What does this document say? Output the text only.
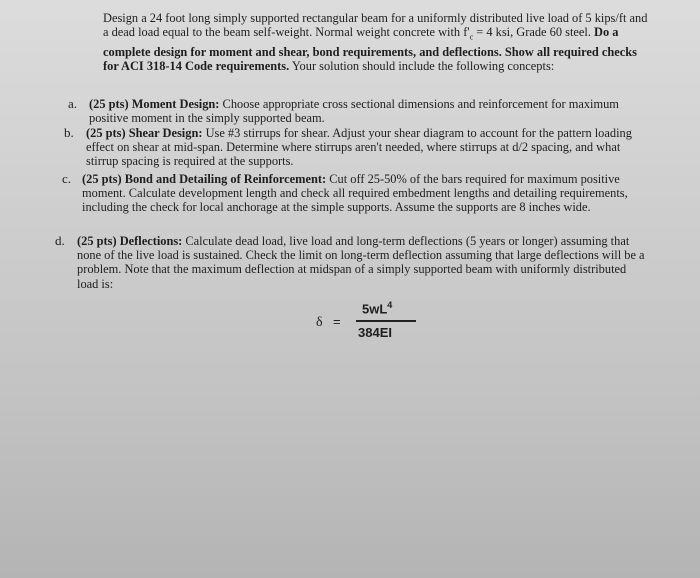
Design a 24 foot long simply supported rectangular beam for a uniformly distributed live load of 5 kips/ft and a dead load equal to the beam self-weight. Normal weight concrete with $f'_c = 4$ ksi, Grade 60 steel. Do a complete design for moment and shear, bond requirements, and deflections. Show all required checks for ACI 318-14 Code requirements. Your solution should include the following concepts:
a. (25 pts) Moment Design: Choose appropriate cross sectional dimensions and reinforcement for maximum positive moment in the simply supported beam.
b. (25 pts) Shear Design: Use #3 stirrups for shear. Adjust your shear diagram to account for the pattern loading effect on shear at mid-span. Determine where stirrups aren't needed, where stirrups at d/2 spacing, and what stirrup spacing is required at the supports.
c. (25 pts) Bond and Detailing of Reinforcement: Cut off 25-50% of the bars required for maximum positive moment. Calculate development length and check all required embedment lengths and detailing requirements, including the check for local anchorage at the simple supports. Assume the supports are 8 inches wide.
d. (25 pts) Deflections: Calculate dead load, live load and long-term deflections (5 years or longer) assuming that none of the live load is sustained. Check the limit on long-term deflection assuming that large deflections will be a problem. Note that the maximum deflection at midspan of a simply supported beam with uniformly distributed load is:
δ =
$5wL^4$
384EI
